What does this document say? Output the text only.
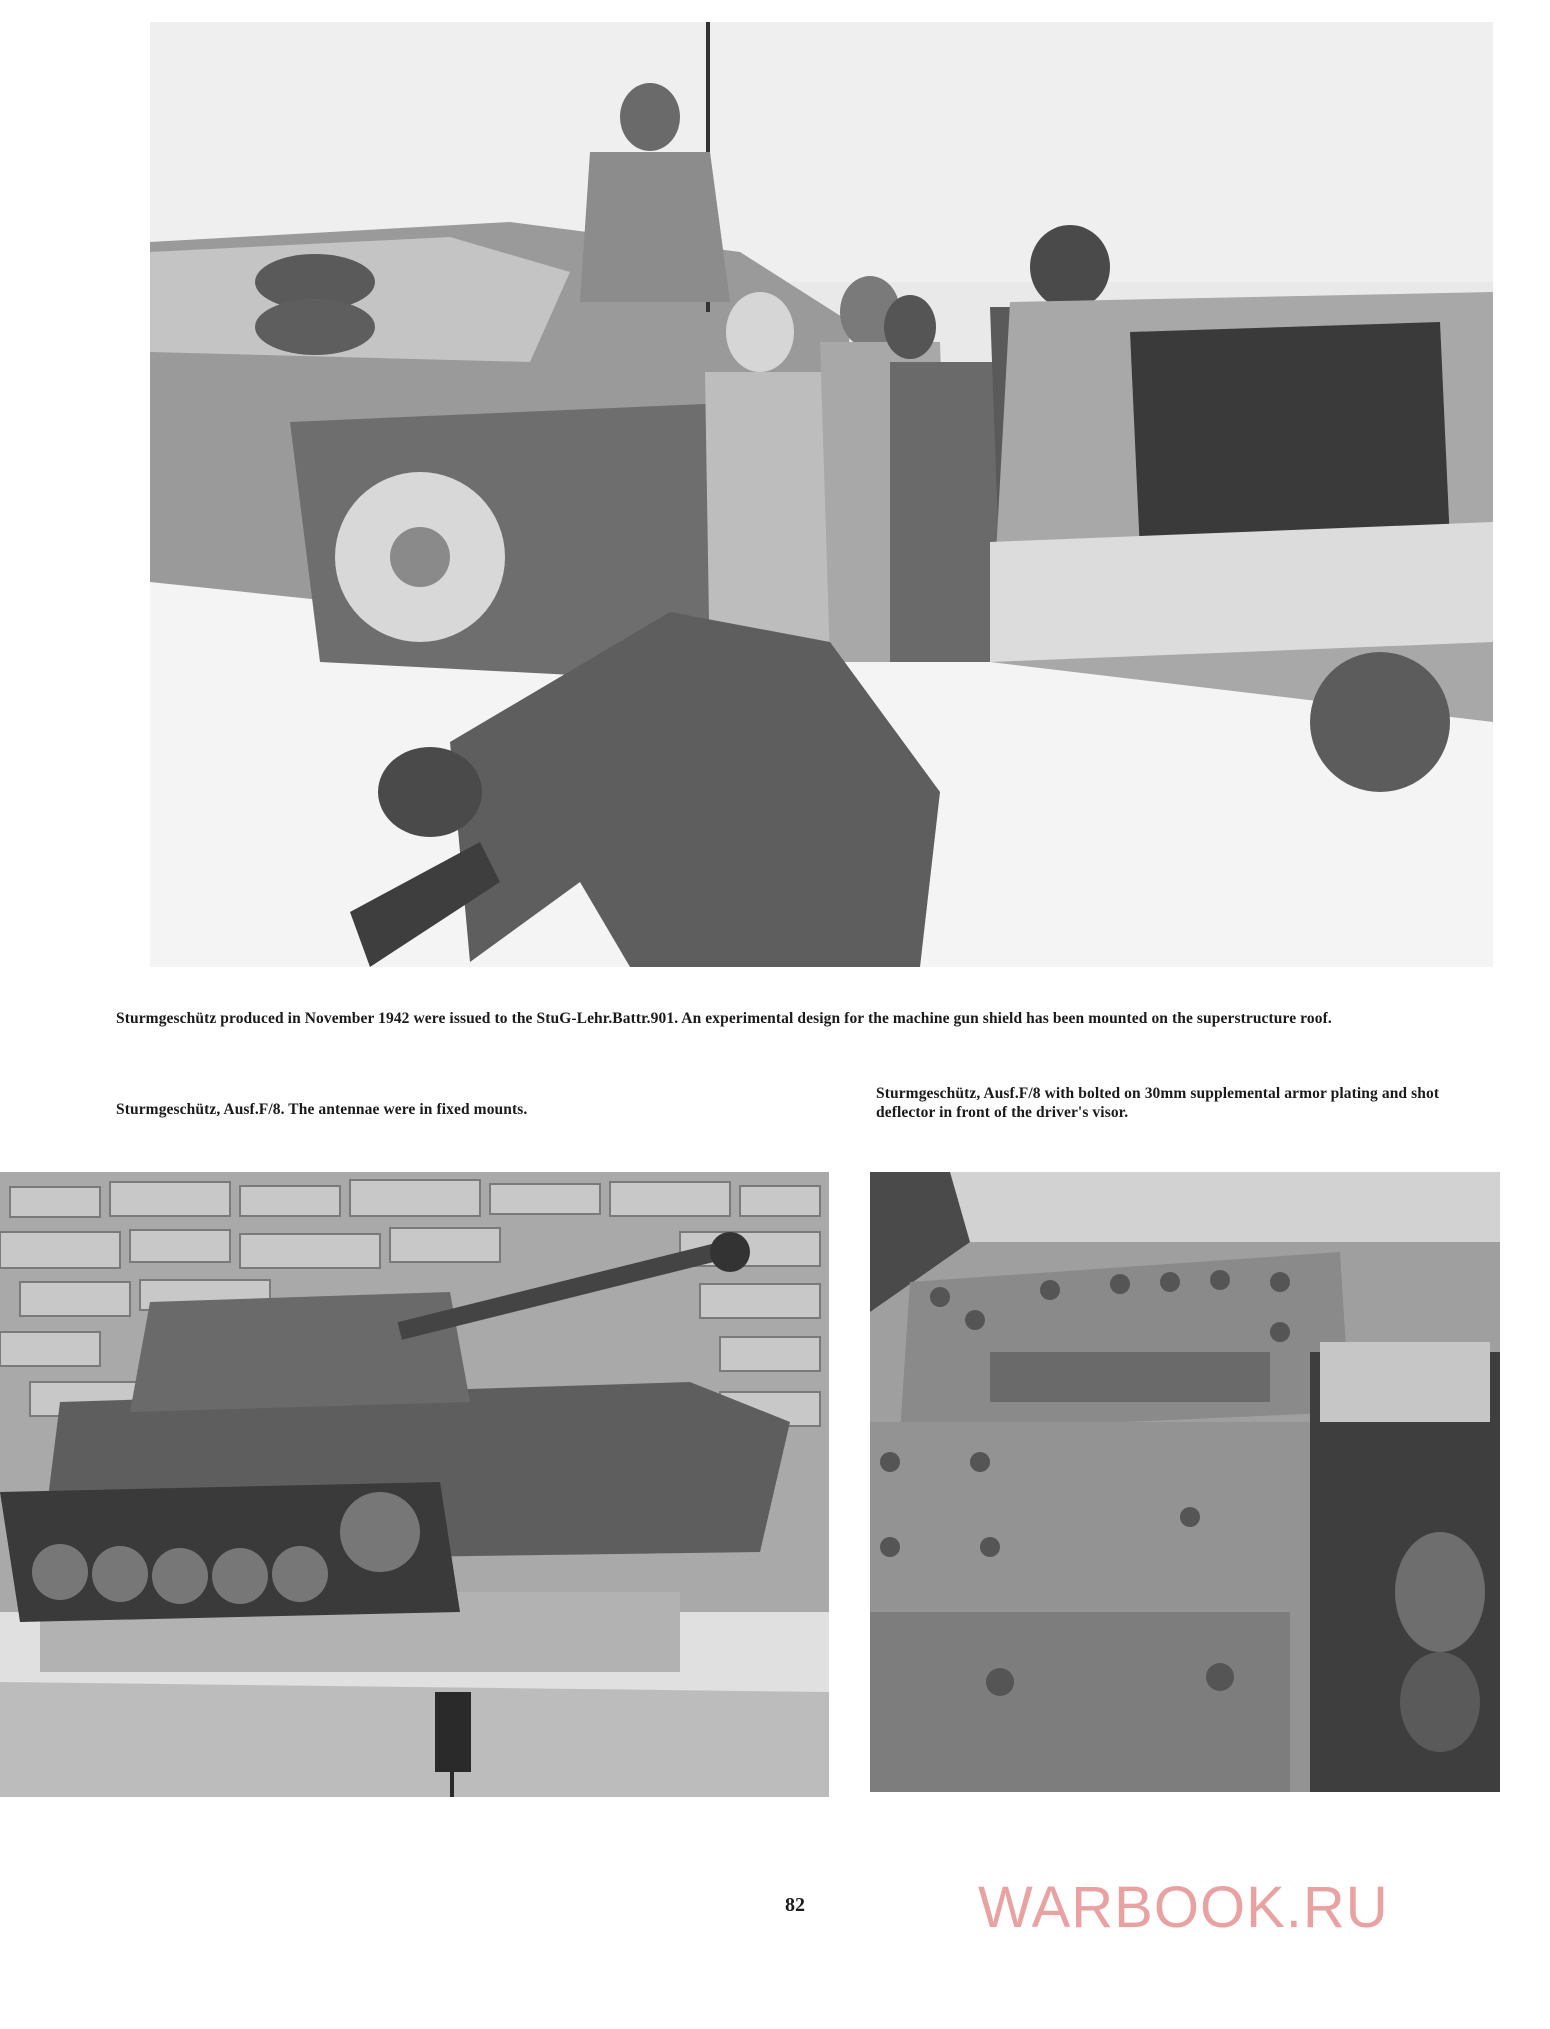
Sturmgeschütz produced in November 1942 were issued to the StuG-Lehr.Battr.901. An experimental design for the machine gun shield has been mounted on the superstructure roof.
Sturmgeschütz, Ausf.F/8. The antennae were in fixed mounts.
Sturmgeschütz, Ausf.F/8 with bolted on 30mm supplemental armor plating and shot deflector in front of the driver's visor.
82	WARBOOK.RU
